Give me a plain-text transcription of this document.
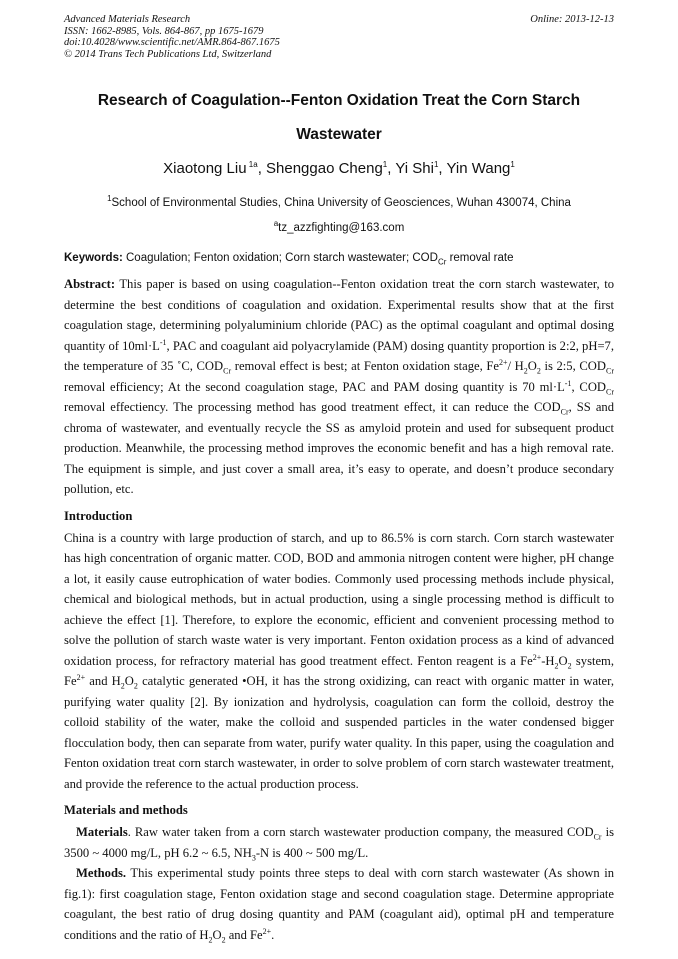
Advanced Materials Research
ISSN: 1662-8985, Vols. 864-867, pp 1675-1679
doi:10.4028/www.scientific.net/AMR.864-867.1675
© 2014 Trans Tech Publications Ltd, Switzerland
Online: 2013-12-13
Research of Coagulation--Fenton Oxidation Treat the Corn Starch
Wastewater
Xiaotong Liu $^{1a}$, Shenggao Cheng$^1$, Yi Shi$^1$, Yin Wang$^1$
$^1$School of Environmental Studies, China University of Geosciences, Wuhan 430074, China
$^a$tz_azzfighting@163.com
Keywords: Coagulation; Fenton oxidation; Corn starch wastewater; $COD_{Cr}$ removal rate

Abstract: This paper is based on using coagulation--Fenton oxidation treat the corn starch wastewater, to determine the best conditions of coagulation and oxidation. Experimental results show that at the first coagulation stage, determining polyaluminium chloride (PAC) as the optimal coagulant and optimal dosing quantity of $10ml\cdot L^{-1}$, PAC and coagulant aid polyacrylamide (PAM) dosing quantity proportion is 2:2, pH=7, the temperature of 35 ˚C, $COD_{Cr}$ removal effect is best; at Fenton oxidation stage, $Fe^{2+}/$ $H_2O_2$ is 2:5, $COD_{Cr}$ removal efficiency; At the second coagulation stage, PAC and PAM dosing quantity is 70 $ml\cdot L^{-1}$, $COD_{Cr}$ removal effectiency. The processing method has good treatment effect, it can reduce the $COD_{Cr}$, SS and chroma of wastewater, and eventually recycle the SS as amyloid protein and used for subsequent product production. Meanwhile, the processing method improves the economic benefit and has a high removal rate. The equipment is simple, and just cover a small area, it’s easy to operate, and doesn’t produce secondary pollution, etc.

Introduction

China is a country with large production of starch, and up to 86.5% is corn starch. Corn starch wastewater has high concentration of organic matter. COD, BOD and ammonia nitrogen content were higher, pH change a lot, it easily cause eutrophication of water bodies. Commonly used processing methods include physical, chemical and biological methods, but in actual production, using a single processing method is difficult to achieve the effect [1]. Therefore, to explore the economic, efficient and convenient processing method to solve the pollution of starch waste water is very important. Fenton oxidation process as a kind of advanced oxidation process, for refractory material has good treatment effect. Fenton reagent is a $Fe^{2+}-H_2O_2$ system, $Fe^{2+}$ and $H_2O_2$ catalytic generated •OH, it has the strong oxidizing, can react with organic matter in water, purifying water quality [2]. By ionization and hydrolysis, coagulation can form the colloid, destroy the colloid stability of the water, make the colloid and suspended particles in the water condensed bigger flocculation body, then can separate from water, purify water quality. In this paper, using the coagulation and Fenton oxidation treat corn starch wastewater, in order to solve problem of corn starch wastewater treatment, and provide the reference to the actual production process.

Materials and methods

Materials. Raw water taken from a corn starch wastewater production company, the measured $COD_{Cr}$ is 3500 ~ 4000 mg/L, pH 6.2 ~ 6.5, $NH_3-N$ is 400 ~ 500 mg/L.

Methods. This experimental study points three steps to deal with corn starch wastewater (As shown in fig.1): first coagulation stage, Fenton oxidation stage and second coagulation stage. Determine appropriate coagulant, the best ratio of drug dosing quantity and PAM (coagulant aid), optimal pH and temperature conditions and the ratio of $H_2O_2$ and $Fe^{2+}$.
